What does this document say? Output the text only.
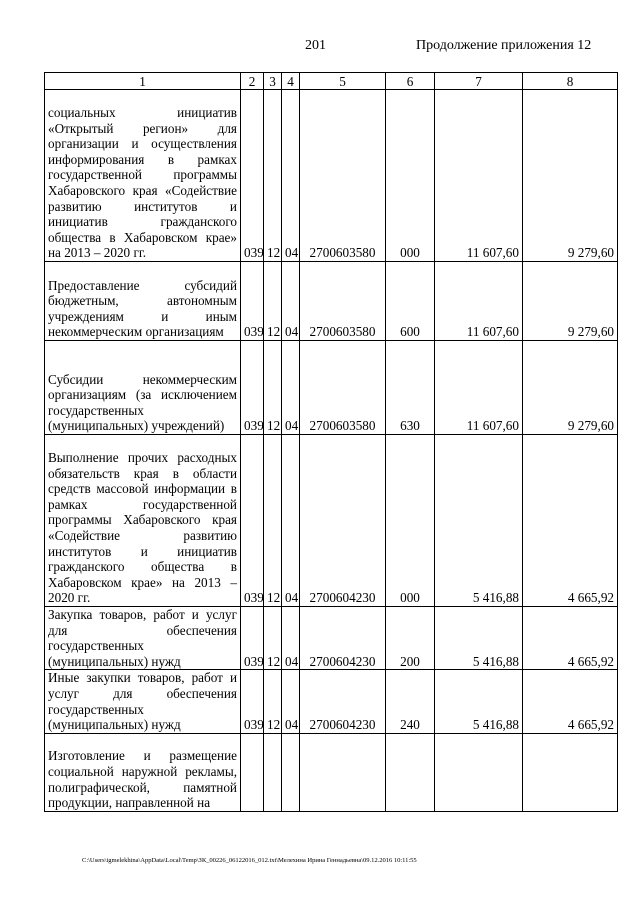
201	Продолжение приложения 12
1	2	3	4	5	6	7	8

социальных инициатив «Открытый регион» для организации и осуществления информирования в рамках государственной программы Хабаровского края «Содействие развитию институтов и инициатив гражданского общества в Хабаровском крае» на 2013 – 2020 гг.	039	12	04	2700603580	000	11 607,60	9 279,60

Предоставление субсидий бюджетным, автономным учреждениям и иным некоммерческим организациям	039	12	04	2700603580	600	11 607,60	9 279,60

Субсидии некоммерческим организациям (за исключением государственных (муниципальных) учреждений)	039	12	04	2700603580	630	11 607,60	9 279,60

Выполнение прочих расходных обязательств края в области средств массовой информации в рамках государственной программы Хабаровского края «Содействие развитию институтов и инициатив гражданского общества в Хабаровском крае» на 2013 – 2020 гг.	039	12	04	2700604230	000	5 416,88	4 665,92

Закупка товаров, работ и услуг для обеспечения государственных (муниципальных) нужд	039	12	04	2700604230	200	5 416,88	4 665,92

Иные закупки товаров, работ и услуг для обеспечения государственных (муниципальных) нужд	039	12	04	2700604230	240	5 416,88	4 665,92

Изготовление и размещение социальной наружной рекламы, полиграфической, памятной продукции, направленной на							

C:\Users\igmelekhina\AppData\Local\Temp\ЗК_00226_06122016_012.txt\Мелехина Ирина Геннадьевна\09.12.2016 10:11:55
